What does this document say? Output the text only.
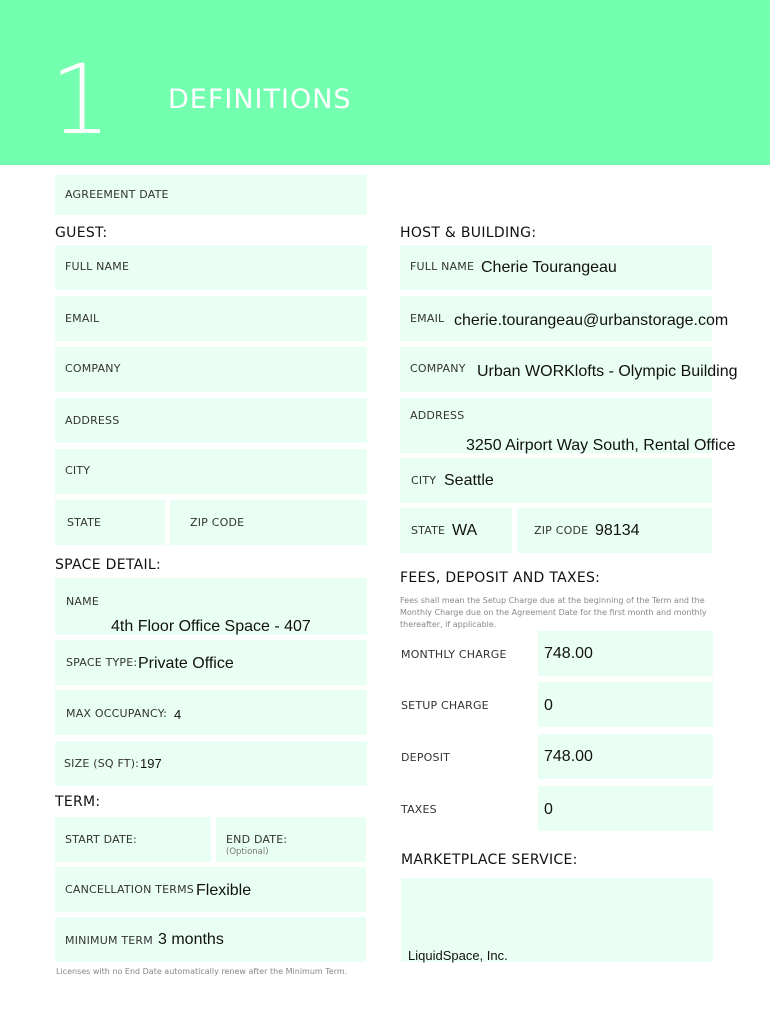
1 DEFINITIONS
AGREEMENT DATE
GUEST:
FULL NAME
EMAIL
COMPANY
ADDRESS
CITY
STATE	ZIP CODE
HOST & BUILDING:
FULL NAME Cherie Tourangeau
EMAIL cherie.tourangeau@urbanstorage.com
COMPANY Urban WORKlofts - Olympic Building
ADDRESS
3250 Airport Way South, Rental Office
CITY Seattle
STATE WA	ZIP CODE 98134
SPACE DETAIL:
NAME
4th Floor Office Space - 407
SPACE TYPE: Private Office
MAX OCCUPANCY: 4
SIZE (SQ FT): 197
TERM:
START DATE:	END DATE:
(Optional)
CANCELLATION TERMS Flexible
MINIMUM TERM 3 months
Licenses with no End Date automatically renew after the Minimum Term.
FEES, DEPOSIT AND TAXES:
Fees shall mean the Setup Charge due at the beginning of the Term and the Monthly Charge due on the Agreement Date for the first month and monthly thereafter, if applicable.
MONTHLY CHARGE 748.00
SETUP CHARGE	0
DEPOSIT	748.00
TAXES	0
MARKETPLACE SERVICE:
LiquidSpace, Inc.
